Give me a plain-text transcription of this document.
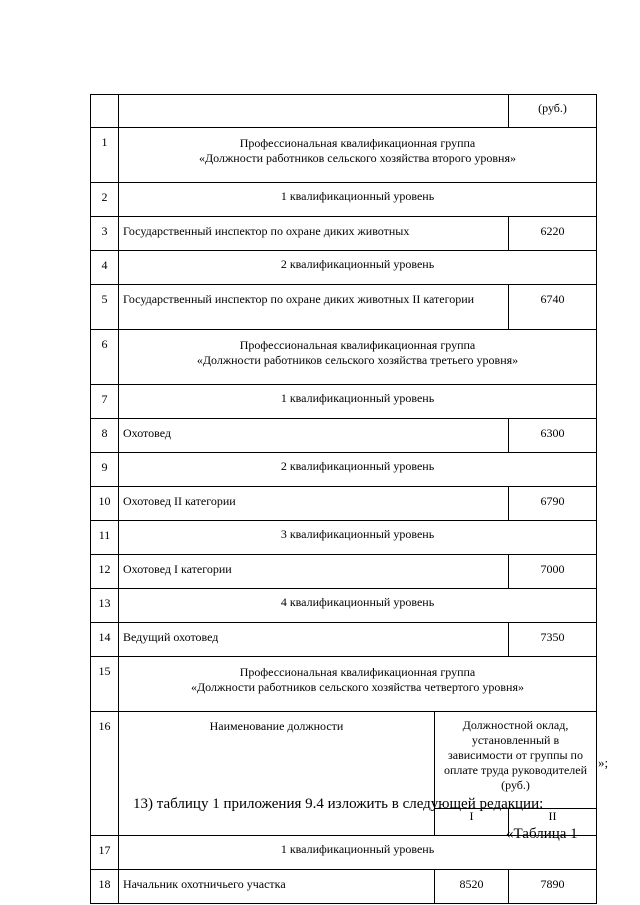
			(руб.)
1	Профессиональная квалификационная группа
«Должности работников сельского хозяйства второго уровня»		

2	1 квалификационный уровень		
3	Государственный инспектор по охране диких животных		6220
4	2 квалификационный уровень		
5	Государственный инспектор по охране диких животных II категории		6740
6	Профессиональная квалификационная группа
«Должности работников сельского хозяйства третьего уровня»		

7	1 квалификационный уровень		
8	Охотовед		6300
9	2 квалификационный уровень		
10	Охотовед II категории		6790
11	3 квалификационный уровень		
12	Охотовед I категории		7000
13	4 квалификационный уровень		
14	Ведущий охотовед		7350
15	Профессиональная квалификационная группа
«Должности работников сельского хозяйства четвертого уровня»		

16	Наименование должности	Должностной оклад, установленный в зависимости от группы по оплате труда руководителей (руб.)	
		I	II
17	1 квалификационный уровень		
18	Начальник охотничьего участка	8520	7890
»;
13) таблицу 1 приложения 9.4 изложить в следующей редакции:
«Таблица 1
